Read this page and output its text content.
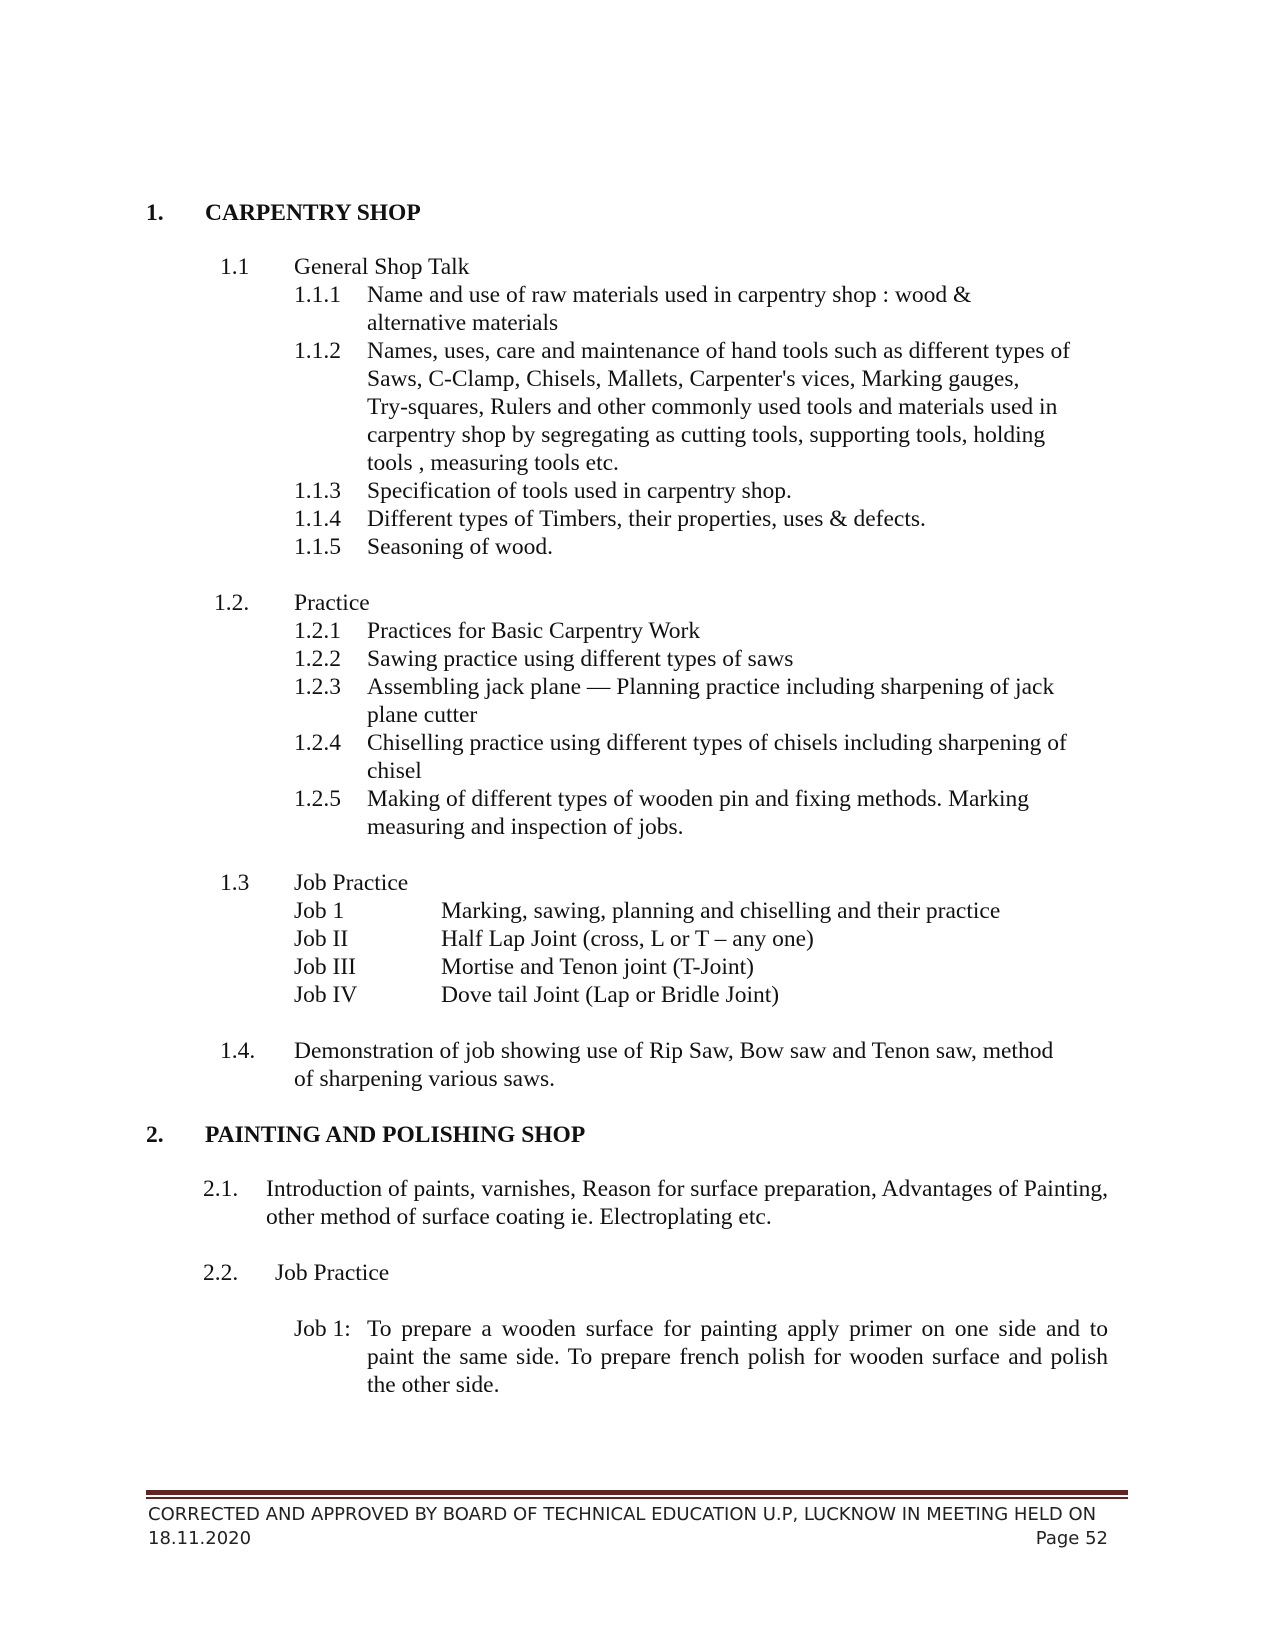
1. CARPENTRY SHOP
1.1 General Shop Talk
1.1.1 Name and use of raw materials used in carpentry shop : wood &
alternative materials
1.1.2 Names, uses, care and maintenance of hand tools such as different types of
Saws, C-Clamp, Chisels, Mallets, Carpenter's vices, Marking gauges,
Try-squares, Rulers and other commonly used tools and materials used in
carpentry shop by segregating as cutting tools, supporting tools, holding
tools , measuring tools etc.
1.1.3 Specification of tools used in carpentry shop.
1.1.4 Different types of Timbers, their properties, uses & defects.
1.1.5 Seasoning of wood.
1.2. Practice
1.2.1 Practices for Basic Carpentry Work
1.2.2 Sawing practice using different types of saws
1.2.3 Assembling jack plane — Planning practice including sharpening of jack
plane cutter
1.2.4 Chiselling practice using different types of chisels including sharpening of
chisel
1.2.5 Making of different types of wooden pin and fixing methods. Marking
measuring and inspection of jobs.
1.3 Job Practice
Job 1	Marking, sawing, planning and chiselling and their practice
Job II	Half Lap Joint (cross, L or T – any one)
Job III	Mortise and Tenon joint (T-Joint)
Job IV	Dove tail Joint (Lap or Bridle Joint)
1.4. Demonstration of job showing use of Rip Saw, Bow saw and Tenon saw, method
of sharpening various saws.
2. PAINTING AND POLISHING SHOP
2.1. Introduction of paints, varnishes, Reason for surface preparation, Advantages of Painting, other method of surface coating ie. Electroplating etc.
2.2. Job Practice
Job 1: To prepare a wooden surface for painting apply primer on one side and to paint the same side. To prepare french polish for wooden surface and polish the other side.
CORRECTED AND APPROVED BY BOARD OF TECHNICAL EDUCATION U.P, LUCKNOW IN MEETING HELD ON
18.11.2020	Page 52
